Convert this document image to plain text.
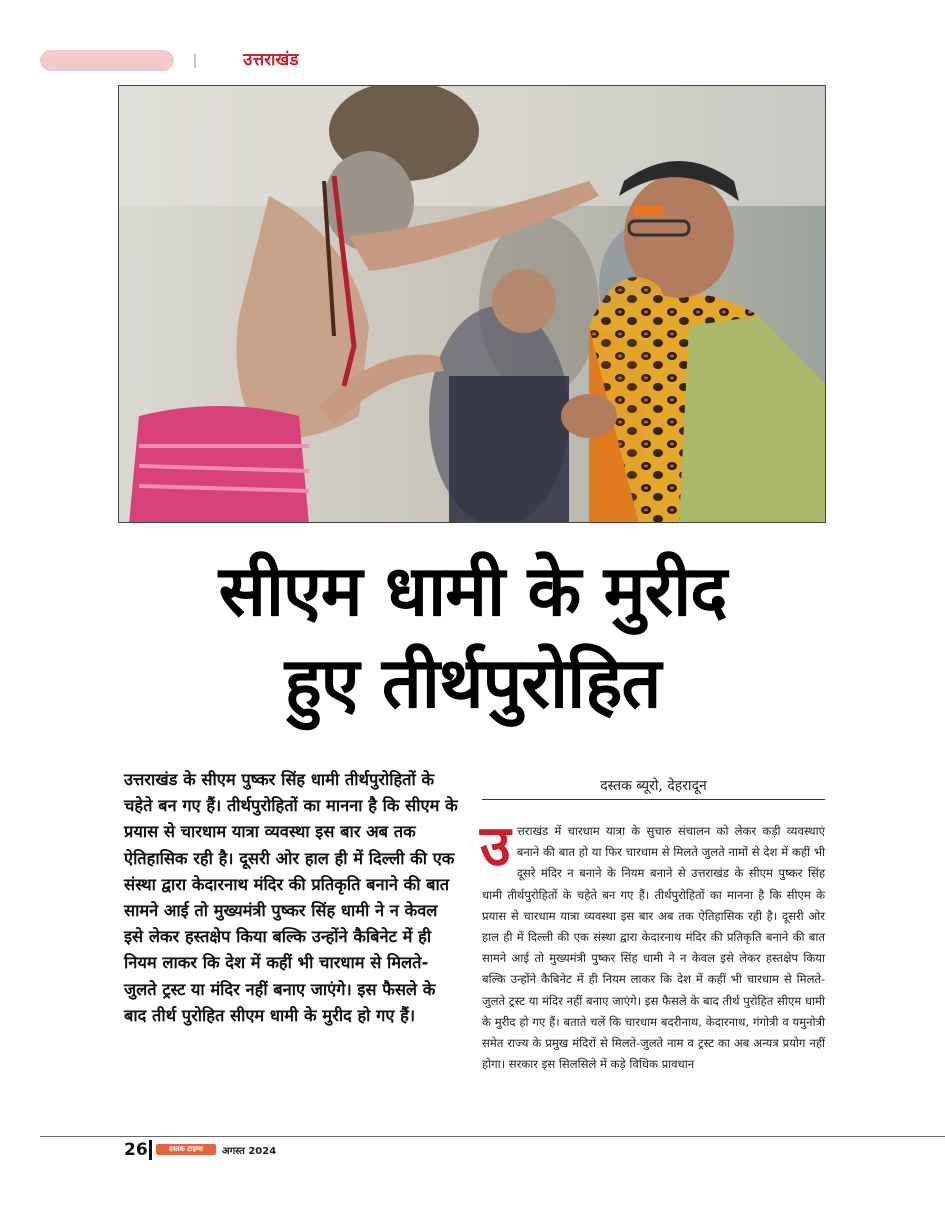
उत्तराखंड
सीएम धामी के मुरीद
हुए तीर्थपुरोहित
उत्तराखंड के सीएम पुष्कर सिंह धामी तीर्थपुरोहितों के चहेते बन गए हैं। तीर्थपुरोहितों का मानना है कि सीएम के प्रयास से चारधाम यात्रा व्यवस्था इस बार अब तक ऐतिहासिक रही है। दूसरी ओर हाल ही में दिल्ली की एक संस्था द्वारा केदारनाथ मंदिर की प्रतिकृति बनाने की बात सामने आई तो मुख्यमंत्री पुष्कर सिंह धामी ने न केवल इसे लेकर हस्तक्षेप किया बल्कि उन्होंने कैबिनेट में ही नियम लाकर कि देश में कहीं भी चारधाम से मिलते-जुलते ट्रस्ट या मंदिर नहीं बनाए जाएंगे। इस फैसले के बाद तीर्थ पुरोहित सीएम धामी के मुरीद हो गए हैं।
दस्तक ब्यूरो, देहरादून
उत्तराखंड में चारधाम यात्रा के सुचारु संचालन को लेकर कड़ी व्यवस्थाएं बनाने की बात हो या फिर चारधाम से मिलते जुलते नामों से देश में कहीं भी दूसरे मंदिर न बनाने के नियम बनाने से उत्तराखंड के सीएम पुष्कर सिंह धामी तीर्थपुरोहितों के चहेते बन गए हैं। तीर्थपुरोहितों का मानना है कि सीएम के प्रयास से चारधाम यात्रा व्यवस्था इस बार अब तक ऐतिहासिक रही है। दूसरी ओर हाल ही में दिल्ली की एक संस्था द्वारा केदारनाथ मंदिर की प्रतिकृति बनाने की बात सामने आई तो मुख्यमंत्री पुष्कर सिंह धामी ने न केवल इसे लेकर हस्तक्षेप किया बल्कि उन्होंने कैबिनेट में ही नियम लाकर कि देश में कहीं भी चारधाम से मिलते-जुलते ट्रस्ट या मंदिर नहीं बनाए जाएंगे। इस फैसले के बाद तीर्थ पुरोहित सीएम धामी के मुरीद हो गए हैं। बताते चलें कि चारधाम बदरीनाथ, केदारनाथ, गंगोत्री व यमुनोत्री समेत राज्य के प्रमुख मंदिरों से मिलते-जुलते नाम व ट्रस्ट का अब अन्यत्र प्रयोग नहीं होगा। सरकार इस सिलसिले में कड़े विधिक प्रावधान
26	दस्तक टाइम्स	अगस्त 2024
